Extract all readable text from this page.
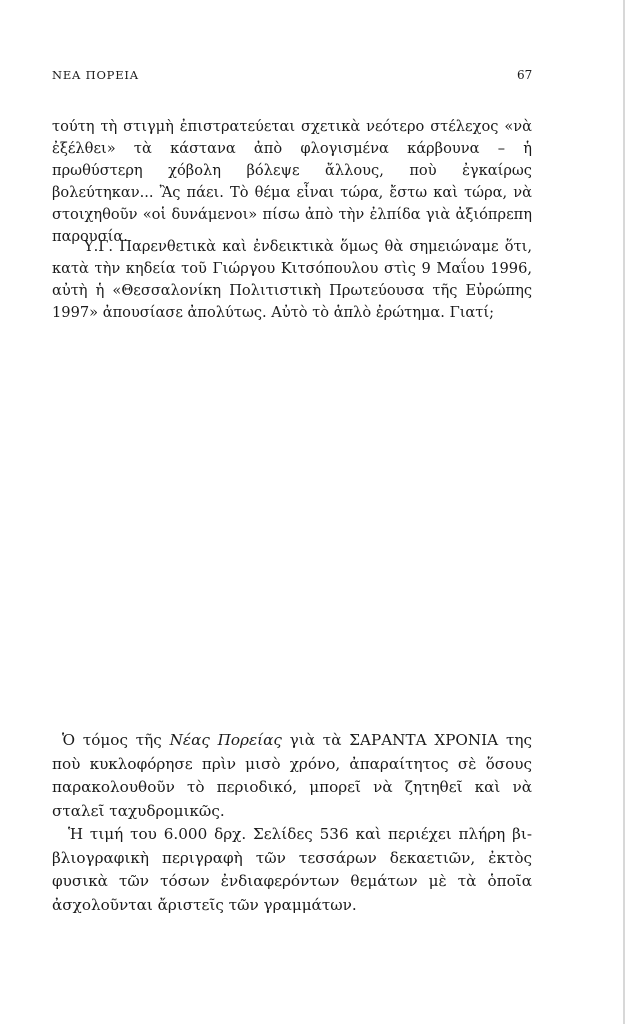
ΝΕΑ ΠΟΡΕΙΑ	67

τούτη τὴ στιγμὴ ἐπιστρατεύεται σχετικὰ νεότερο στέλεχος «νὰ ἐξέλθει» τὰ κάστανα ἀπὸ φλογισμένα κάρβουνα – ἡ πρωθύστερη χόβολη βόλεψε ἄλλους, ποὺ ἐγκαίρως βολεύτηκαν... Ἂς πάει. Τὸ θέμα εἶναι τώρα, ἔστω καὶ τώρα, νὰ στοιχηθοῦν «οἱ δυνάμενοι» πίσω ἀπὸ τὴν ἐλπίδα γιὰ ἀξιόπρεπη παρουσία.

Υ.Γ. Παρενθετικὰ καὶ ἐνδεικτικὰ ὅμως θὰ σημειώναμε ὅτι, κατὰ τὴν κηδεία τοῦ Γιώργου Κιτσόπουλου στὶς 9 Μαΐου 1996, αὐτὴ ἡ «Θεσσαλονίκη Πολιτιστικὴ Πρωτεύουσα τῆς Εὐρώπης 1997» ἀπουσίασε ἀπολύτως. Αὐτὸ τὸ ἁπλὸ ἐρώτημα. Γιατί;

Ὁ τόμος τῆς Νέας Πορείας γιὰ τὰ ΣΑΡΑΝΤΑ ΧΡΟΝΙΑ της ποὺ κυκλοφόρησε πρὶν μισὸ χρόνο, ἀπαραίτητος σὲ ὅσους παρακολουθοῦν τὸ περιοδικό, μπορεῖ νὰ ζητηθεῖ καὶ νὰ σταλεῖ ταχυδρομικῶς.

Ἡ τιμή του 6.000 δρχ. Σελίδες 536 καὶ περιέχει πλήρη βιβλιογραφικὴ περιγραφὴ τῶν τεσσάρων δεκαετιῶν, ἐκτὸς φυσικὰ τῶν τόσων ἐνδιαφερόντων θεμάτων μὲ τὰ ὁποῖα ἀσχολοῦνται ἄριστεῖς τῶν γραμμάτων.
